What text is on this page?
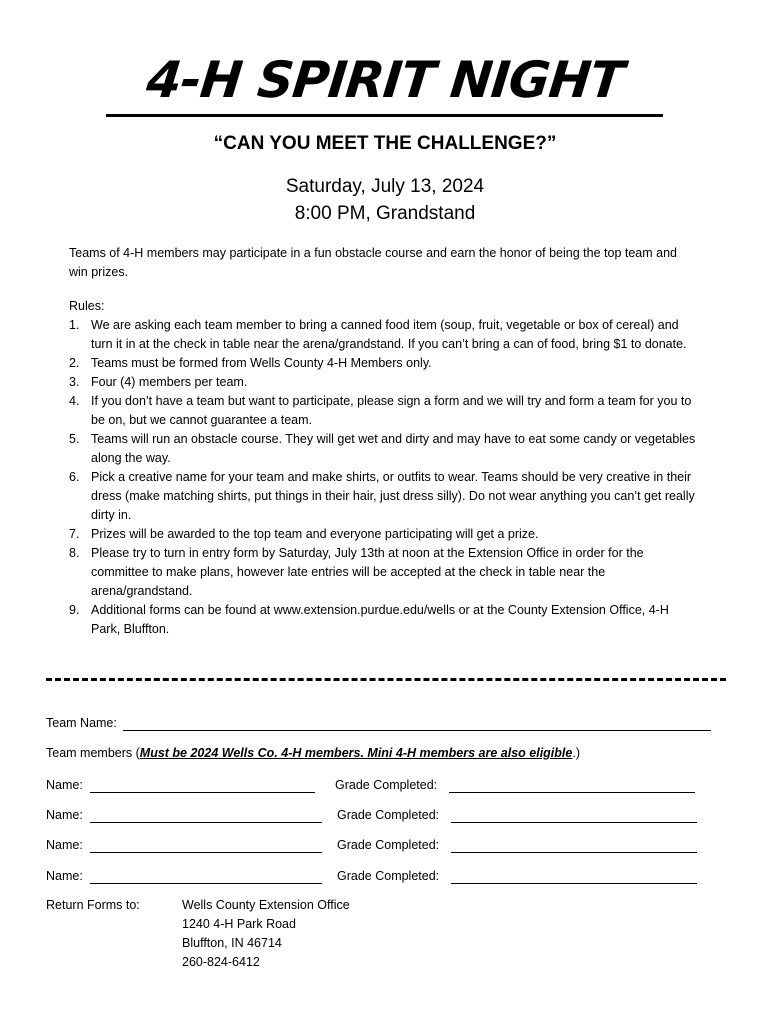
4-H SPIRIT NIGHT
“CAN YOU MEET THE CHALLENGE?”
Saturday, July 13, 2024
8:00 PM, Grandstand
Teams of 4-H members may participate in a fun obstacle course and earn the honor of being the top team and win prizes.
Rules:
1. We are asking each team member to bring a canned food item (soup, fruit, vegetable or box of cereal) and turn it in at the check in table near the arena/grandstand. If you can’t bring a can of food, bring $1 to donate.
2. Teams must be formed from Wells County 4-H Members only.
3. Four (4) members per team.
4. If you don’t have a team but want to participate, please sign a form and we will try and form a team for you to be on, but we cannot guarantee a team.
5. Teams will run an obstacle course. They will get wet and dirty and may have to eat some candy or vegetables along the way.
6. Pick a creative name for your team and make shirts, or outfits to wear. Teams should be very creative in their dress (make matching shirts, put things in their hair, just dress silly). Do not wear anything you can’t get really dirty in.
7. Prizes will be awarded to the top team and everyone participating will get a prize.
8. Please try to turn in entry form by Saturday, July 13th at noon at the Extension Office in order for the committee to make plans, however late entries will be accepted at the check in table near the arena/grandstand.
9. Additional forms can be found at www.extension.purdue.edu/wells or at the County Extension Office, 4-H Park, Bluffton.
Team Name:
Team members (Must be 2024 Wells Co. 4-H members. Mini 4-H members are also eligible.)
Name:	Grade Completed:
Name:	Grade Completed:
Name:	Grade Completed:
Name:	Grade Completed:
Return Forms to:	Wells County Extension Office
1240 4-H Park Road
Bluffton, IN 46714
260-824-6412
